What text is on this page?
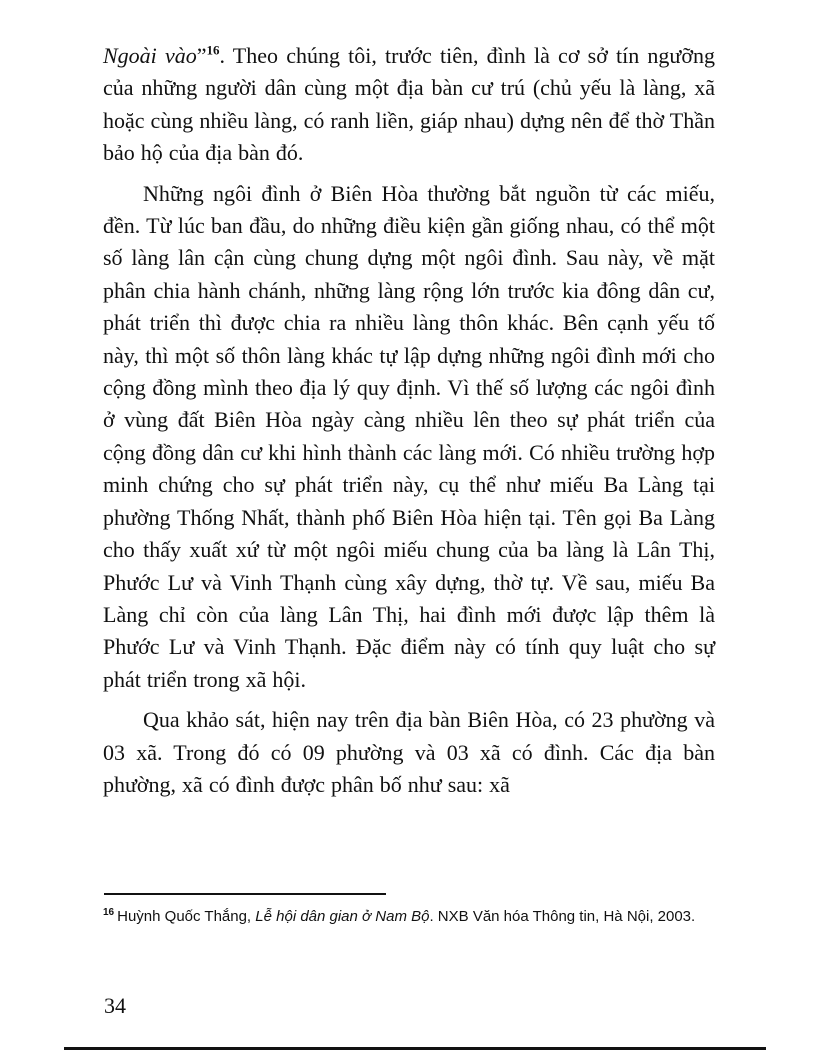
Ngoài vào”$^{16}$. Theo chúng tôi, trước tiên, đình là cơ sở tín ngưỡng của những người dân cùng một địa bàn cư trú (chủ yếu là làng, xã hoặc cùng nhiều làng, có ranh liền, giáp nhau) dựng nên để thờ Thần bảo hộ của địa bàn đó.

Những ngôi đình ở Biên Hòa thường bắt nguồn từ các miếu, đền. Từ lúc ban đầu, do những điều kiện gần giống nhau, có thể một số làng lân cận cùng chung dựng một ngôi đình. Sau này, về mặt phân chia hành chánh, những làng rộng lớn trước kia đông dân cư, phát triển thì được chia ra nhiều làng thôn khác. Bên cạnh yếu tố này, thì một số thôn làng khác tự lập dựng những ngôi đình mới cho cộng đồng mình theo địa lý quy định. Vì thế số lượng các ngôi đình ở vùng đất Biên Hòa ngày càng nhiều lên theo sự phát triển của cộng đồng dân cư khi hình thành các làng mới. Có nhiều trường hợp minh chứng cho sự phát triển này, cụ thể như miếu Ba Làng tại phường Thống Nhất, thành phố Biên Hòa hiện tại. Tên gọi Ba Làng cho thấy xuất xứ từ một ngôi miếu chung của ba làng là Lân Thị, Phước Lư và Vinh Thạnh cùng xây dựng, thờ tự. Về sau, miếu Ba Làng chỉ còn của làng Lân Thị, hai đình mới được lập thêm là Phước Lư và Vinh Thạnh. Đặc điểm này có tính quy luật cho sự phát triển trong xã hội.

Qua khảo sát, hiện nay trên địa bàn Biên Hòa, có 23 phường và 03 xã. Trong đó có 09 phường và 03 xã có đình. Các địa bàn phường, xã có đình được phân bố như sau: xã

$^{16}$ Huỳnh Quốc Thắng, Lễ hội dân gian ở Nam Bộ. NXB Văn hóa Thông tin, Hà Nội, 2003.
34
